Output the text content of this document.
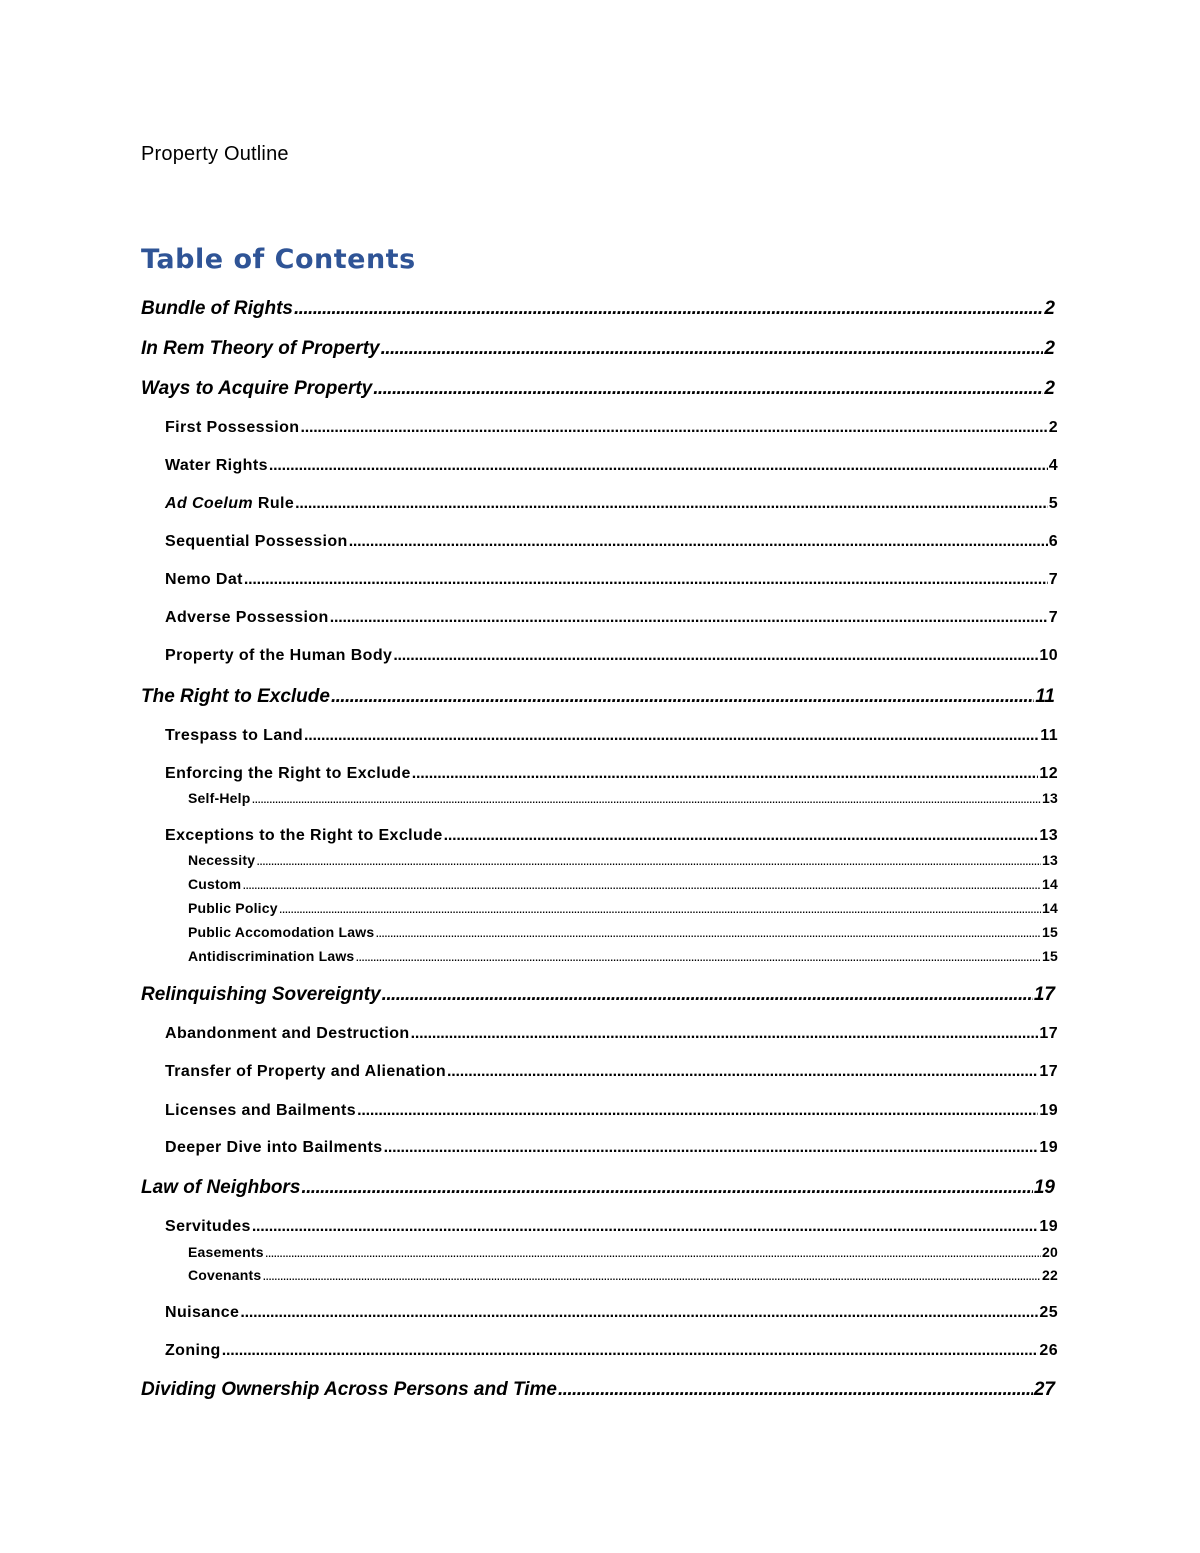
Property Outline
Table of Contents
Bundle of Rights .....	2
In Rem Theory of Property .....	2
Ways to Acquire Property .....	2
First Possession .....	2
Water Rights .....	4
Ad Coelum Rule .....	5
Sequential Possession .....	6
Nemo Dat .....	7
Adverse Possession .....	7
Property of the Human Body .....	10
The Right to Exclude .....	11
Trespass to Land .....	11
Enforcing the Right to Exclude .....	12
Self-Help .....	13
Exceptions to the Right to Exclude .....	13
Necessity .....	13
Custom .....	14
Public Policy .....	14
Public Accomodation Laws .....	15
Antidiscrimination Laws .....	15
Relinquishing Sovereignty .....	17
Abandonment and Destruction .....	17
Transfer of Property and Alienation .....	17
Licenses and Bailments .....	19
Deeper Dive into Bailments .....	19
Law of Neighbors .....	19
Servitudes .....	19
Easements .....	20
Covenants .....	22
Nuisance .....	25
Zoning .....	26
Dividing Ownership Across Persons and Time .....	27
